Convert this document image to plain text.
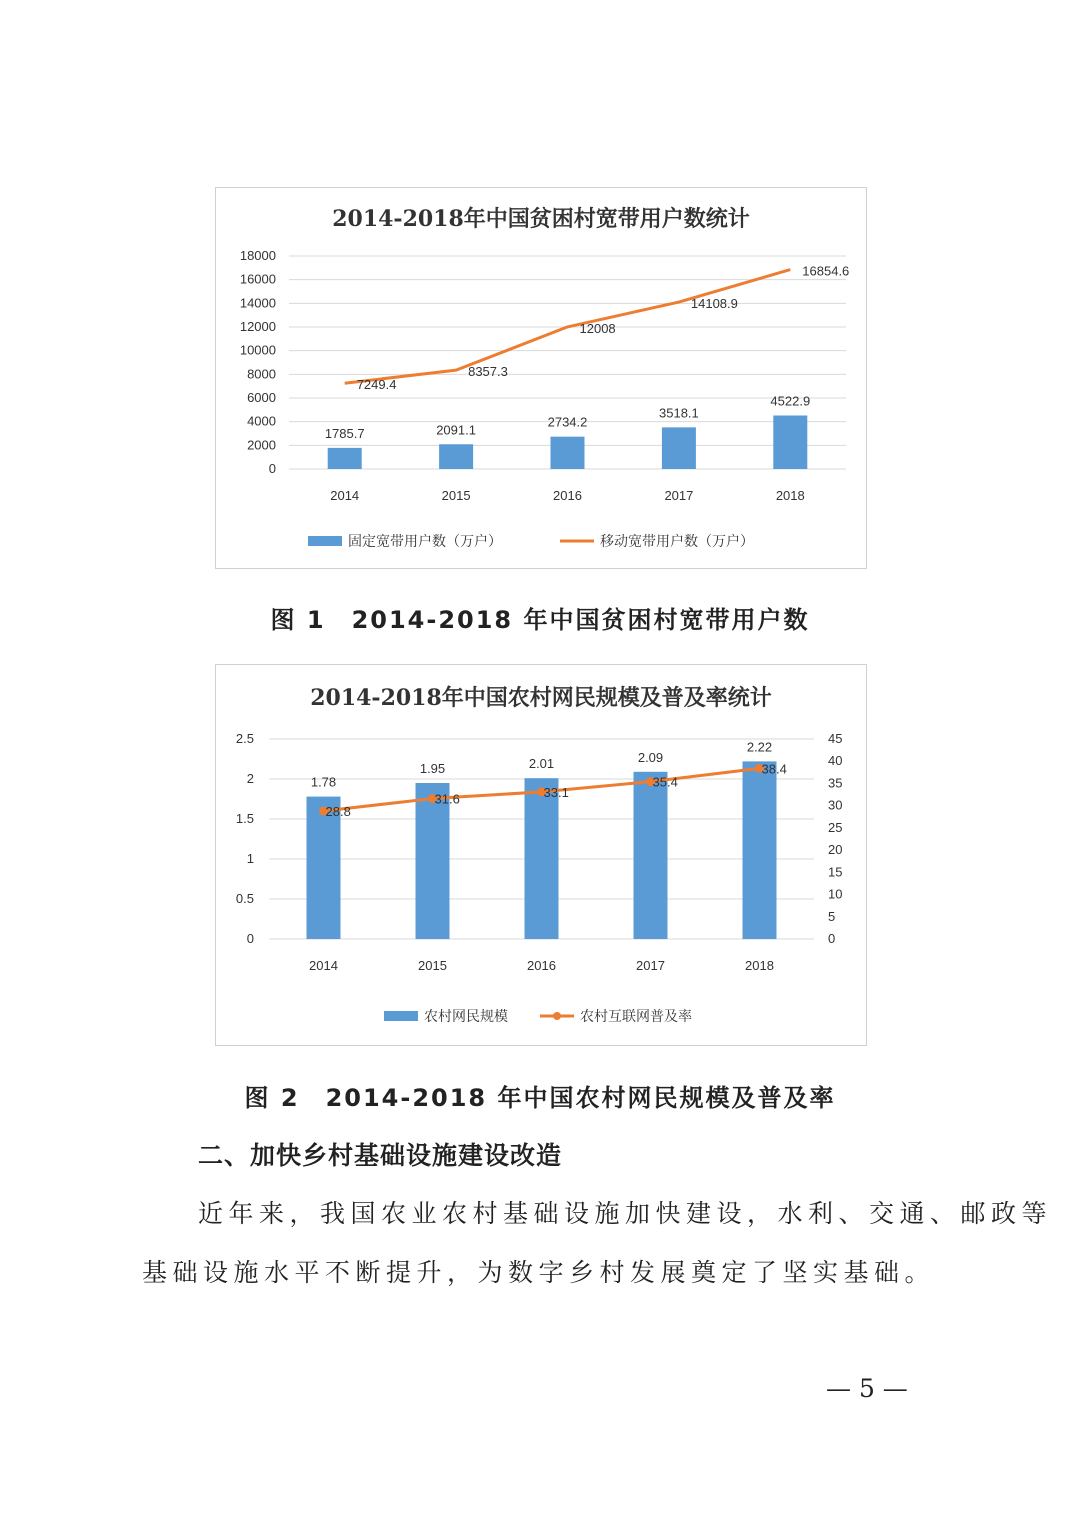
2014-2018年中国贫困村宽带用户数统计
0
2000
4000
6000
8000
10000
12000
14000
16000
18000
2014	2015	2016	2017	2018
1785.7	2091.1
2734.2
3518.1
4522.9
7249.4
8357.3
12008
14108.9
16854.6
固定宽带用户数（万户）	移动宽带用户数（万户）
图 1　2014-2018 年中国贫困村宽带用户数
2014-2018年中国农村网民规模及普及率统计
0
0.5
1
1.5
2
2.5
0
5
10
15
20
25
30
35
40
45
2014	2015	2016	2017	2018
1.78
1.95	2.01	2.09
2.22
28.8
31.6	33.1
35.4
38.4
农村网民规模	农村互联网普及率
图 2　2014-2018 年中国农村网民规模及普及率
二、加快乡村基础设施建设改造
近年来，我国农业农村基础设施加快建设，水利、交通、邮政等
基础设施水平不断提升，为数字乡村发展奠定了坚实基础。
— 5 —
